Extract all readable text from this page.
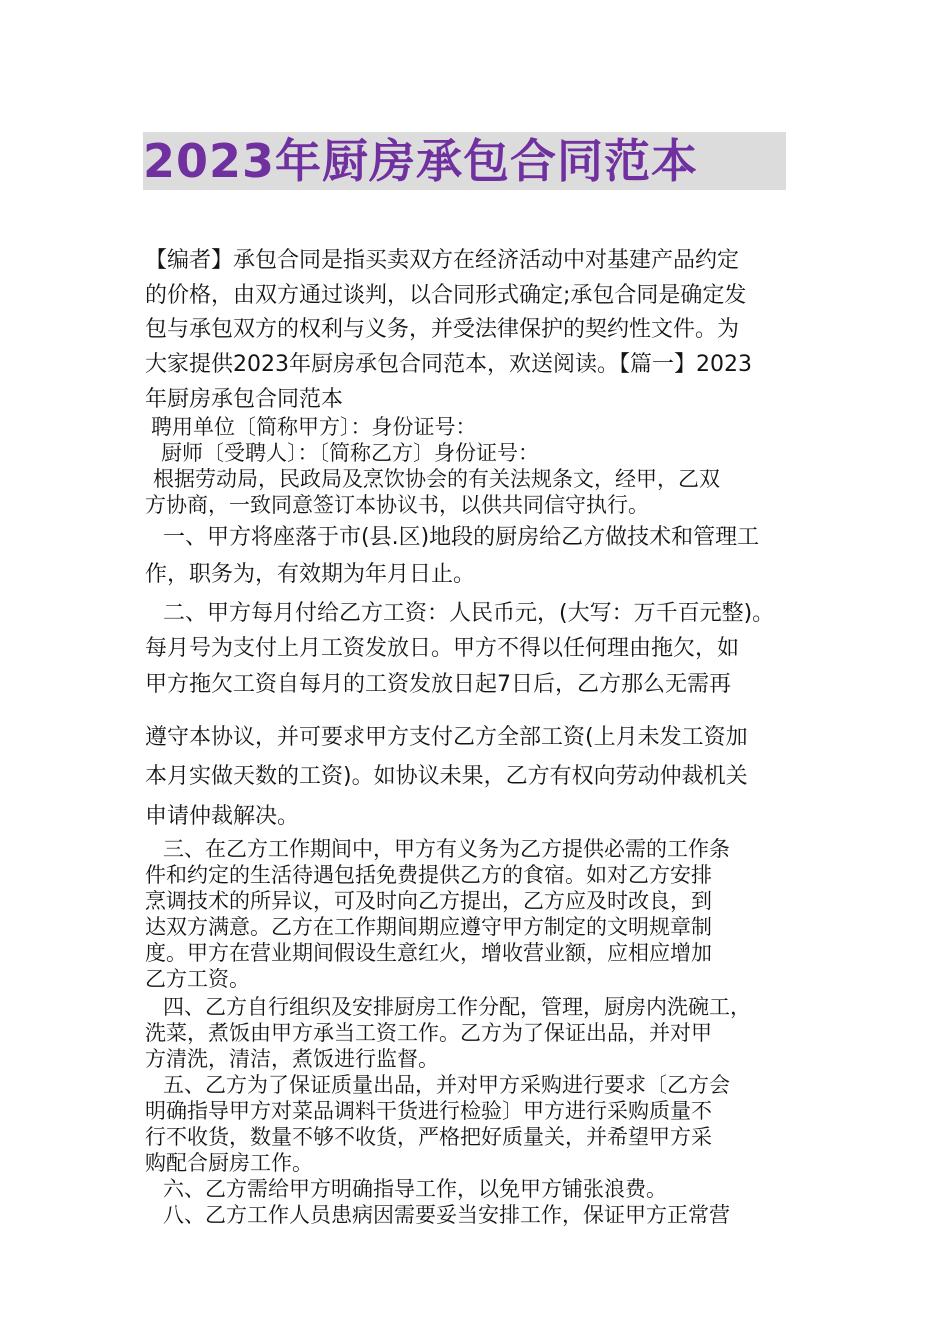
2023年厨房承包合同范本
【编者】承包合同是指买卖双方在经济活动中对基建产品约定
的价格，由双方通过谈判，以合同形式确定;承包合同是确定发
包与承包双方的权利与义务，并受法律保护的契约性文件。为
大家提供2023年厨房承包合同范本，欢送阅读。【篇一】2023
年厨房承包合同范本
聘用单位〔简称甲方〕：身份证号：
厨师〔受聘人〕：〔简称乙方〕身份证号：
根据劳动局，民政局及烹饮协会的有关法规条文，经甲，乙双
方协商，一致同意签订本协议书，以供共同信守执行。
一、甲方将座落于市(县.区)地段的厨房给乙方做技术和管理工
作，职务为，有效期为年月日止。
二、甲方每月付给乙方工资：人民币元，(大写：万千百元整)。
每月号为支付上月工资发放日。甲方不得以任何理由拖欠，如
甲方拖欠工资自每月的工资发放日起7日后，乙方那么无需再
遵守本协议，并可要求甲方支付乙方全部工资(上月未发工资加
本月实做天数的工资)。如协议未果，乙方有权向劳动仲裁机关
申请仲裁解决。
三、在乙方工作期间中，甲方有义务为乙方提供必需的工作条
件和约定的生活待遇包括免费提供乙方的食宿。如对乙方安排
烹调技术的所异议，可及时向乙方提出，乙方应及时改良，到
达双方满意。乙方在工作期间期应遵守甲方制定的文明规章制
度。甲方在营业期间假设生意红火，增收营业额，应相应增加
乙方工资。
四、乙方自行组织及安排厨房工作分配，管理，厨房内洗碗工，
洗菜，煮饭由甲方承当工资工作。乙方为了保证出品，并对甲
方清洗，清洁，煮饭进行监督。
五、乙方为了保证质量出品，并对甲方采购进行要求〔乙方会
明确指导甲方对菜品调料干货进行检验〕甲方进行采购质量不
行不收货，数量不够不收货，严格把好质量关，并希望甲方采
购配合厨房工作。
六、乙方需给甲方明确指导工作，以免甲方铺张浪费。
八、乙方工作人员患病因需要妥当安排工作，保证甲方正常营
